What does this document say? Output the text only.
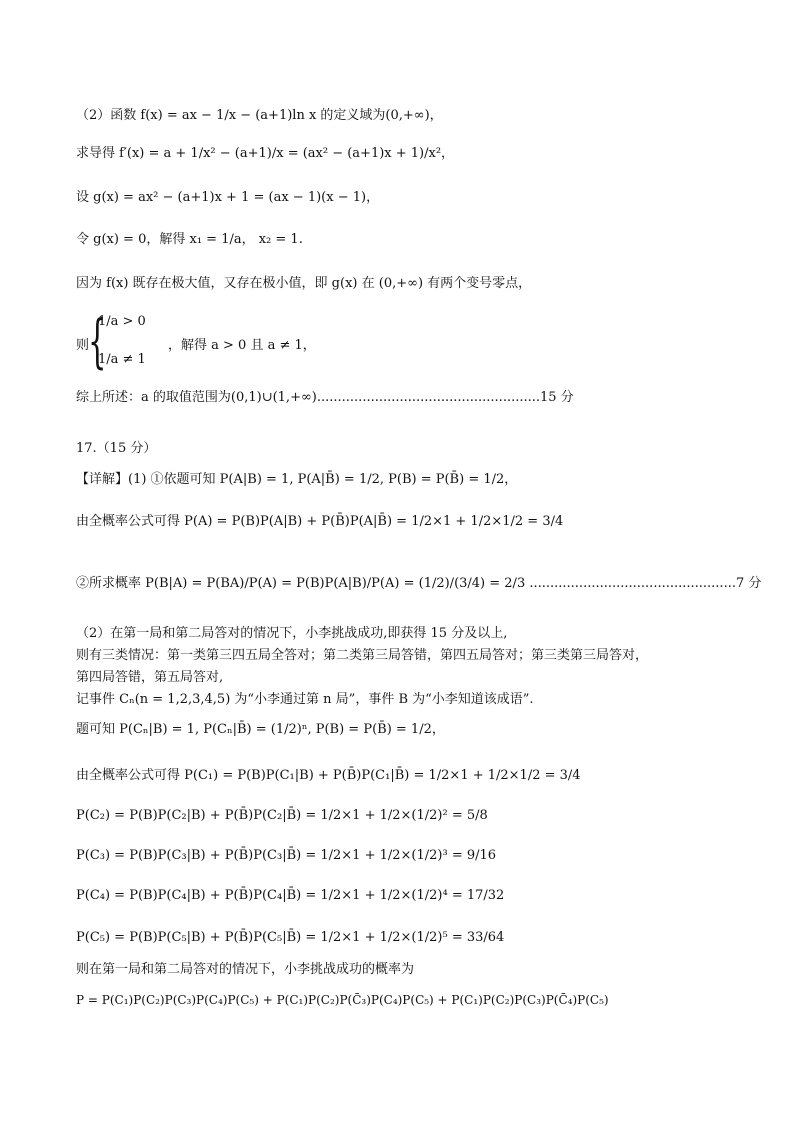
（2）函数 f(x) = ax − 1/x − (a+1)ln x 的定义域为(0,+∞)，
求导得 f′(x) = a + 1/x² − (a+1)/x = (ax² − (a+1)x + 1)/x²，
设 g(x) = ax² − (a+1)x + 1 = (ax − 1)(x − 1)，
令 g(x) = 0，解得 x₁ = 1/a， x₂ = 1.
因为 f(x) 既存在极大值，又存在极小值，即 g(x) 在 (0,+∞) 有两个变号零点，
则
{
1/a > 0
1/a ≠ 1
，解得 a > 0 且 a ≠ 1，
综上所述：a 的取值范围为(0,1)∪(1,+∞)......................................................15 分
17.（15 分）
【详解】(1) ①依题可知 P(A|B) = 1, P(A|B̄) = 1/2, P(B) = P(B̄) = 1/2，
由全概率公式可得 P(A) = P(B)P(A|B) + P(B̄)P(A|B̄) = 1/2×1 + 1/2×1/2 = 3/4
②所求概率 P(B|A) = P(BA)/P(A) = P(B)P(A|B)/P(A) = (1/2)/(3/4) = 2/3 ..................................................7 分
（2）在第一局和第二局答对的情况下，小李挑战成功,即获得 15 分及以上,
则有三类情况：第一类第三四五局全答对；第二类第三局答错，第四五局答对；第三类第三局答对，
第四局答错，第五局答对,
记事件 Cₙ(n = 1,2,3,4,5) 为“小李通过第 n 局”，事件 B 为“小李知道该成语”.
题可知 P(Cₙ|B) = 1, P(Cₙ|B̄) = (1/2)ⁿ, P(B) = P(B̄) = 1/2，
由全概率公式可得 P(C₁) = P(B)P(C₁|B) + P(B̄)P(C₁|B̄) = 1/2×1 + 1/2×1/2 = 3/4
P(C₂) = P(B)P(C₂|B) + P(B̄)P(C₂|B̄) = 1/2×1 + 1/2×(1/2)² = 5/8
P(C₃) = P(B)P(C₃|B) + P(B̄)P(C₃|B̄) = 1/2×1 + 1/2×(1/2)³ = 9/16
P(C₄) = P(B)P(C₄|B) + P(B̄)P(C₄|B̄) = 1/2×1 + 1/2×(1/2)⁴ = 17/32
P(C₅) = P(B)P(C₅|B) + P(B̄)P(C₅|B̄) = 1/2×1 + 1/2×(1/2)⁵ = 33/64
则在第一局和第二局答对的情况下，小李挑战成功的概率为
P = P(C₁)P(C₂)P(C₃)P(C₄)P(C₅) + P(C₁)P(C₂)P(C̄₃)P(C₄)P(C₅) + P(C₁)P(C₂)P(C₃)P(C̄₄)P(C₅)
